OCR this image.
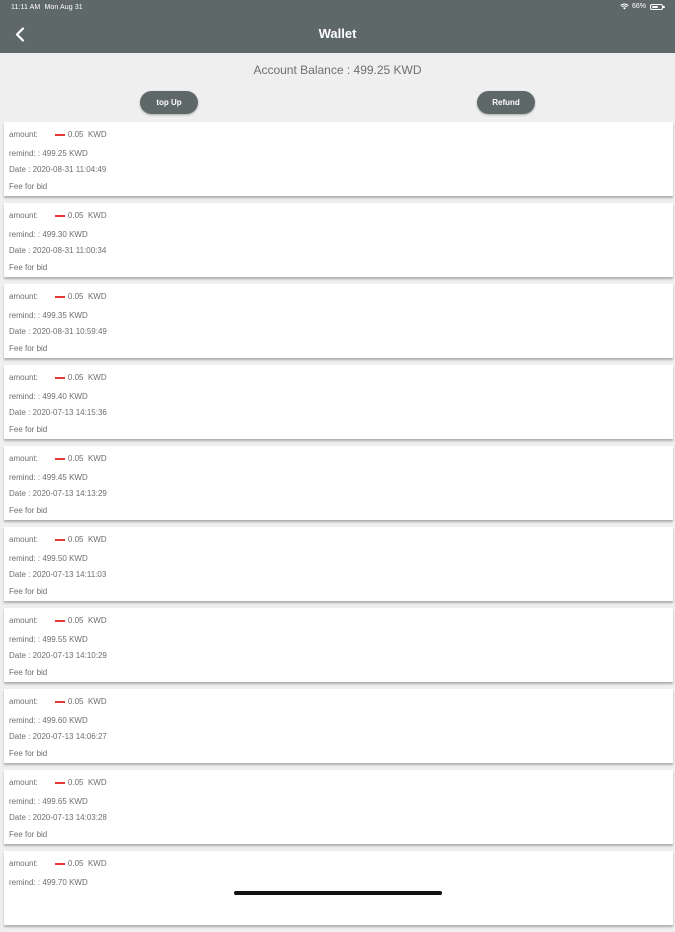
11:11 AM Mon Aug 31	66%
Wallet
Account Balance : 499.25 KWD
top Up	Refund
amount:	0.05 KWD
remind: : 499.25 KWD
Date : 2020-08-31 11:04:49
Fee for bid
amount:	0.05 KWD
remind: : 499.30 KWD
Date : 2020-08-31 11:00:34
Fee for bid
amount:	0.05 KWD
remind: : 499.35 KWD
Date : 2020-08-31 10:59:49
Fee for bid
amount:	0.05 KWD
remind: : 499.40 KWD
Date : 2020-07-13 14:15:36
Fee for bid
amount:	0.05 KWD
remind: : 499.45 KWD
Date : 2020-07-13 14:13:29
Fee for bid
amount:	0.05 KWD
remind: : 499.50 KWD
Date : 2020-07-13 14:11:03
Fee for bid
amount:	0.05 KWD
remind: : 499.55 KWD
Date : 2020-07-13 14:10:29
Fee for bid
amount:	0.05 KWD
remind: : 499.60 KWD
Date : 2020-07-13 14:06:27
Fee for bid
amount:	0.05 KWD
remind: : 499.65 KWD
Date : 2020-07-13 14:03:28
Fee for bid
amount:	0.05 KWD
remind: : 499.70 KWD
